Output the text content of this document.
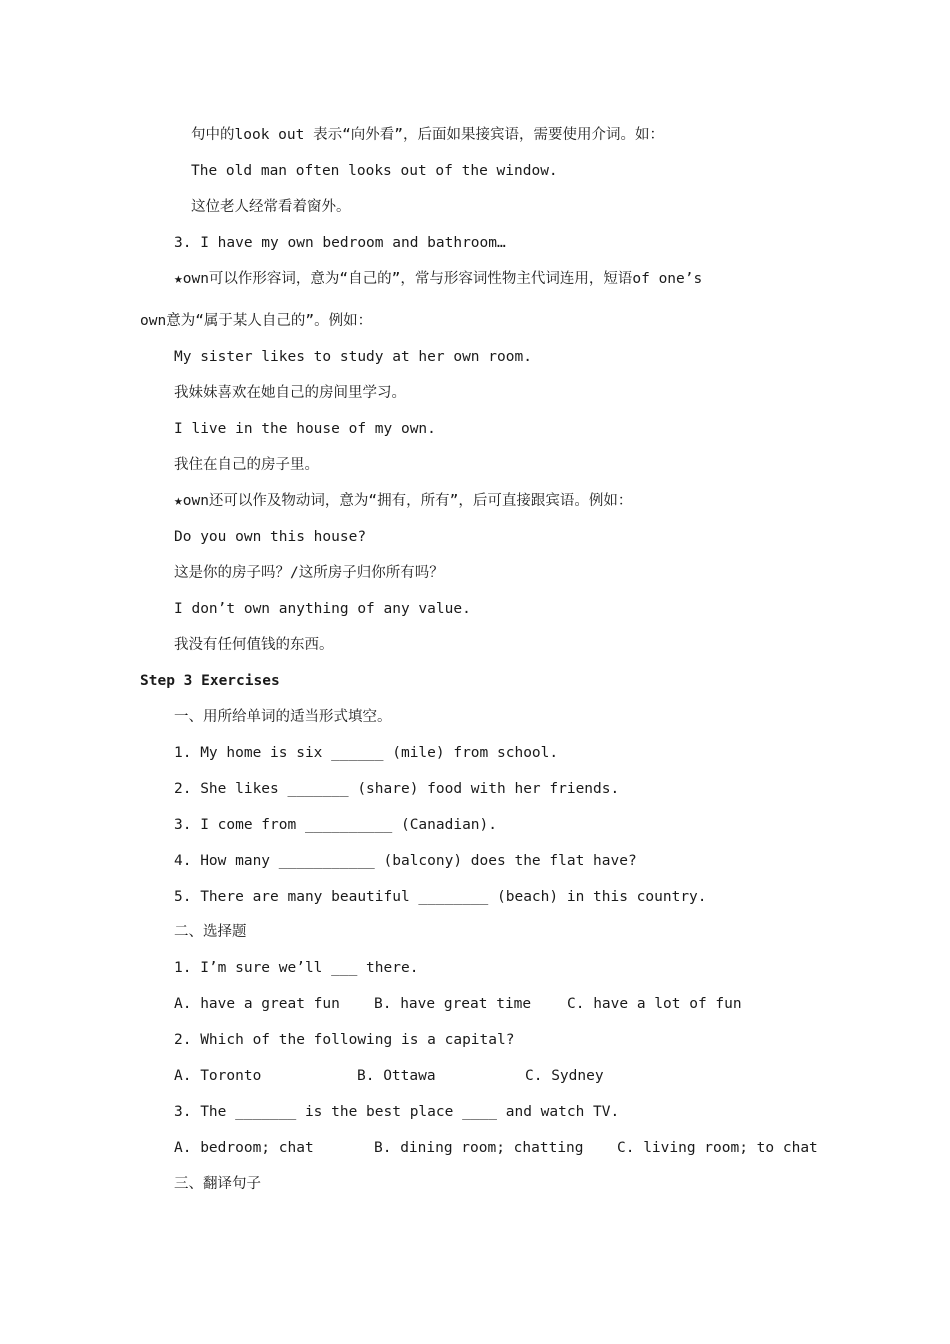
句中的look out 表示“向外看”，后面如果接宾语，需要使用介词。如：
The old man often looks out of the window.
这位老人经常看着窗外。
3. I have my own bedroom and bathroom…
★own可以作形容词，意为“自己的”，常与形容词性物主代词连用，短语of one’s
own意为“属于某人自己的”。例如：
My sister likes to study at her own room.
我妹妹喜欢在她自己的房间里学习。
I live in the house of my own.
我住在自己的房子里。
★own还可以作及物动词，意为“拥有，所有”，后可直接跟宾语。例如：
Do you own this house?
这是你的房子吗？/这所房子归你所有吗？
I don’t own anything of any value.
我没有任何值钱的东西。
Step 3 Exercises
一、用所给单词的适当形式填空。
1. My home is six ______ (mile) from school.
2. She likes _______ (share) food with her friends.
3. I come from __________ (Canadian).
4. How many ___________ (balcony) does the flat have?
5. There are many beautiful ________ (beach) in this country.
二、选择题
1. I’m sure we’ll ___ there.
A. have a great fun B. have great time C. have a lot of fun
2. Which of the following is a capital?
A. Toronto	B. Ottawa	C. Sydney
3. The _______ is the best place ____ and watch TV.
A. bedroom; chat	B. dining room; chatting C. living room; to chat
三、翻译句子
